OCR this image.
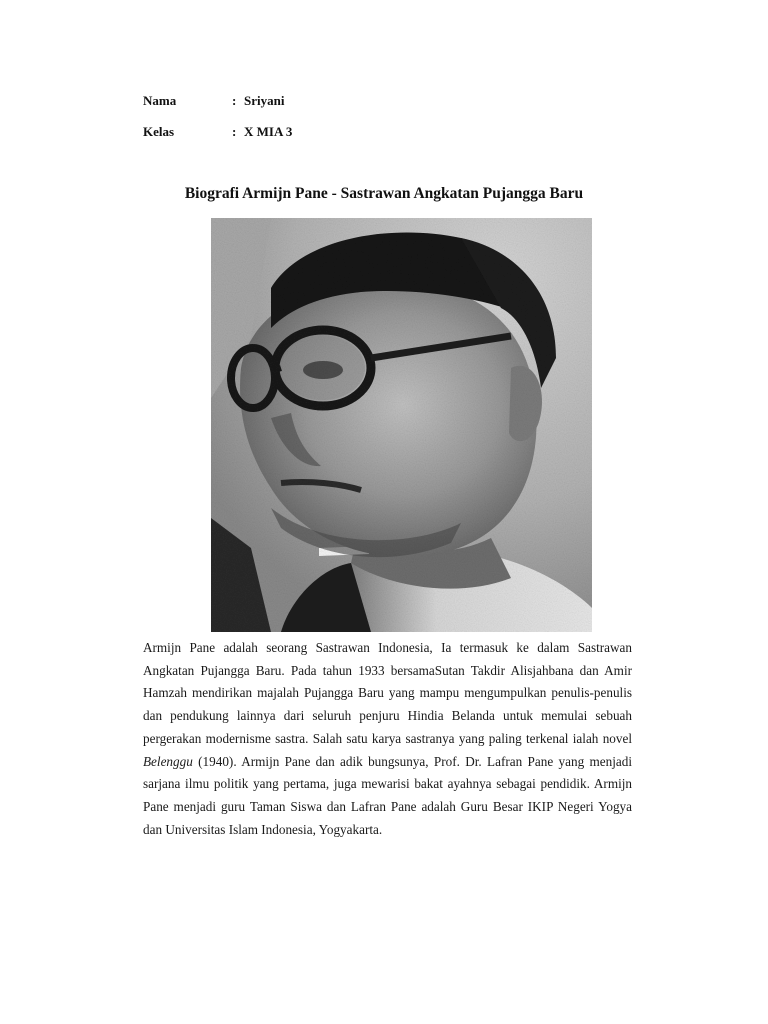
Nama	: Sriyani
Kelas	: X MIA 3
Biografi Armijn Pane - Sastrawan Angkatan Pujangga Baru
Armijn Pane adalah seorang Sastrawan Indonesia, Ia termasuk ke dalam Sastrawan Angkatan Pujangga Baru. Pada tahun 1933 bersamaSutan Takdir Alisjahbana dan Amir Hamzah mendirikan majalah Pujangga Baru yang mampu mengumpulkan penulis-penulis dan pendukung lainnya dari seluruh penjuru Hindia Belanda untuk memulai sebuah pergerakan modernisme sastra. Salah satu karya sastranya yang paling terkenal ialah novel Belenggu (1940). Armijn Pane dan adik bungsunya, Prof. Dr. Lafran Pane yang menjadi sarjana ilmu politik yang pertama, juga mewarisi bakat ayahnya sebagai pendidik. Armijn Pane menjadi guru Taman Siswa dan Lafran Pane adalah Guru Besar IKIP Negeri Yogya dan Universitas Islam Indonesia, Yogyakarta.
